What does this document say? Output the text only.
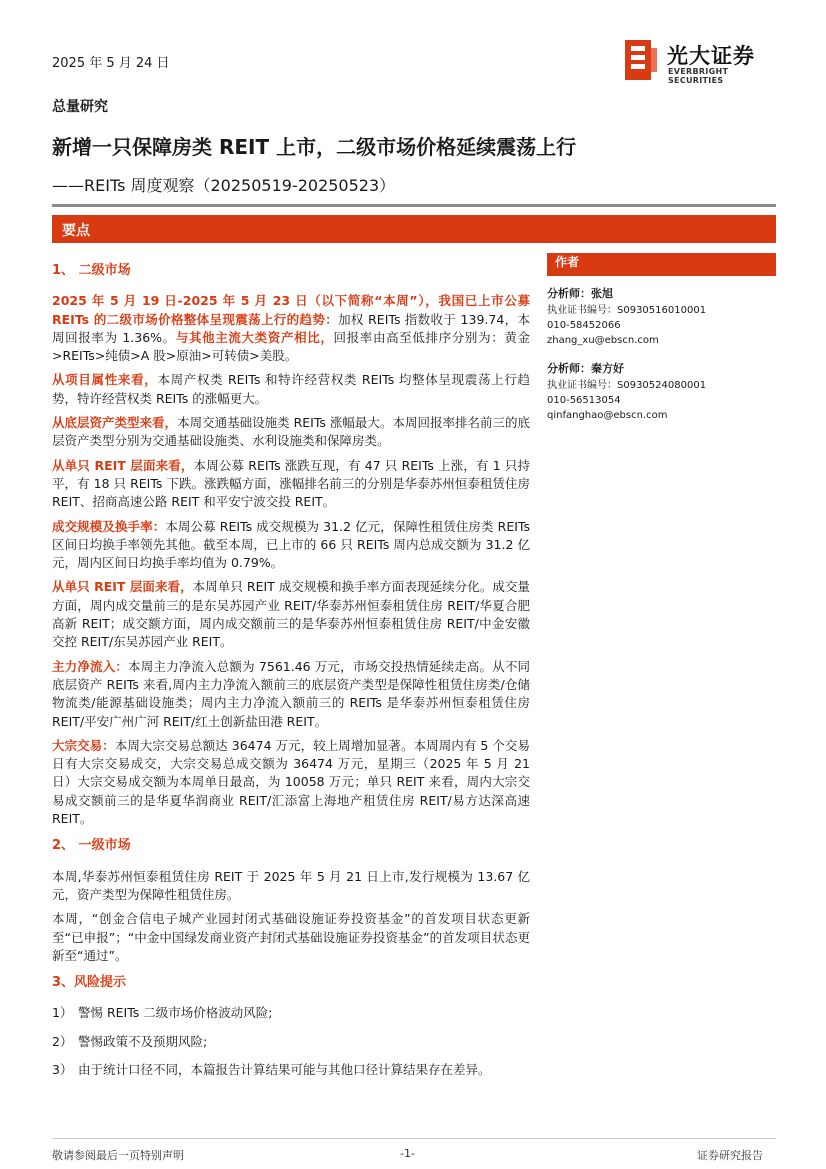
2025 年 5 月 24 日	光大证券
EVERBRIGHT SECURITIES
总量研究
新增一只保障房类 REIT 上市，二级市场价格延续震荡上行
——REITs 周度观察（20250519-20250523）
要点
1、 二级市场

2025 年 5 月 19 日-2025 年 5 月 23 日（以下简称“本周”），我国已上市公募 REITs 的二级市场价格整体呈现震荡上行的趋势：加权 REITs 指数收于 139.74，本周回报率为 1.36%。与其他主流大类资产相比，回报率由高至低排序分别为：黄金>REITs>纯债>A 股>原油>可转债>美股。

从项目属性来看，本周产权类 REITs 和特许经营权类 REITs 均整体呈现震荡上行趋势，特许经营权类 REITs 的涨幅更大。

从底层资产类型来看，本周交通基础设施类 REITs 涨幅最大。本周回报率排名前三的底层资产类型分别为交通基础设施类、水利设施类和保障房类。

从单只 REIT 层面来看，本周公募 REITs 涨跌互现，有 47 只 REITs 上涨，有 1 只持平，有 18 只 REITs 下跌。涨跌幅方面，涨幅排名前三的分别是华泰苏州恒泰租赁住房 REIT、招商高速公路 REIT 和平安宁波交投 REIT。

成交规模及换手率：本周公募 REITs 成交规模为 31.2 亿元，保障性租赁住房类 REITs 区间日均换手率领先其他。截至本周，已上市的 66 只 REITs 周内总成交额为 31.2 亿元，周内区间日均换手率均值为 0.79%。

从单只 REIT 层面来看，本周单只 REIT 成交规模和换手率方面表现延续分化。成交量方面，周内成交量前三的是东吴苏园产业 REIT/华泰苏州恒泰租赁住房 REIT/华夏合肥高新 REIT；成交额方面，周内成交额前三的是华泰苏州恒泰租赁住房 REIT/中金安徽交控 REIT/东吴苏园产业 REIT。

主力净流入：本周主力净流入总额为 7561.46 万元，市场交投热情延续走高。从不同底层资产 REITs 来看,周内主力净流入额前三的底层资产类型是保障性租赁住房类/仓储物流类/能源基础设施类；周内主力净流入额前三的 REITs 是华泰苏州恒泰租赁住房 REIT/平安广州广河 REIT/红土创新盐田港 REIT。

大宗交易：本周大宗交易总额达 36474 万元，较上周增加显著。本周周内有 5 个交易日有大宗交易成交，大宗交易总成交额为 36474 万元，星期三（2025 年 5 月 21 日）大宗交易成交额为本周单日最高，为 10058 万元；单只 REIT 来看，周内大宗交易成交额前三的是华夏华润商业 REIT/汇添富上海地产租赁住房 REIT/易方达深高速 REIT。

2、 一级市场

本周,华泰苏州恒泰租赁住房 REIT 于 2025 年 5 月 21 日上市,发行规模为 13.67 亿元，资产类型为保障性租赁住房。

本周，“创金合信电子城产业园封闭式基础设施证券投资基金”的首发项目状态更新至“已申报”；“中金中国绿发商业资产封闭式基础设施证券投资基金”的首发项目状态更新至“通过”。

3、风险提示
1） 警惕 REITs 二级市场价格波动风险;
2） 警惕政策不及预期风险;
3） 由于统计口径不同，本篇报告计算结果可能与其他口径计算结果存在差异。
作者
分析师：张旭
执业证书编号：S0930516010001
010-58452066
zhang_xu@ebscn.com
分析师：秦方好
执业证书编号：S0930524080001
010-56513054
qinfanghao@ebscn.com
敬请参阅最后一页特别声明	-1-	证券研究报告
